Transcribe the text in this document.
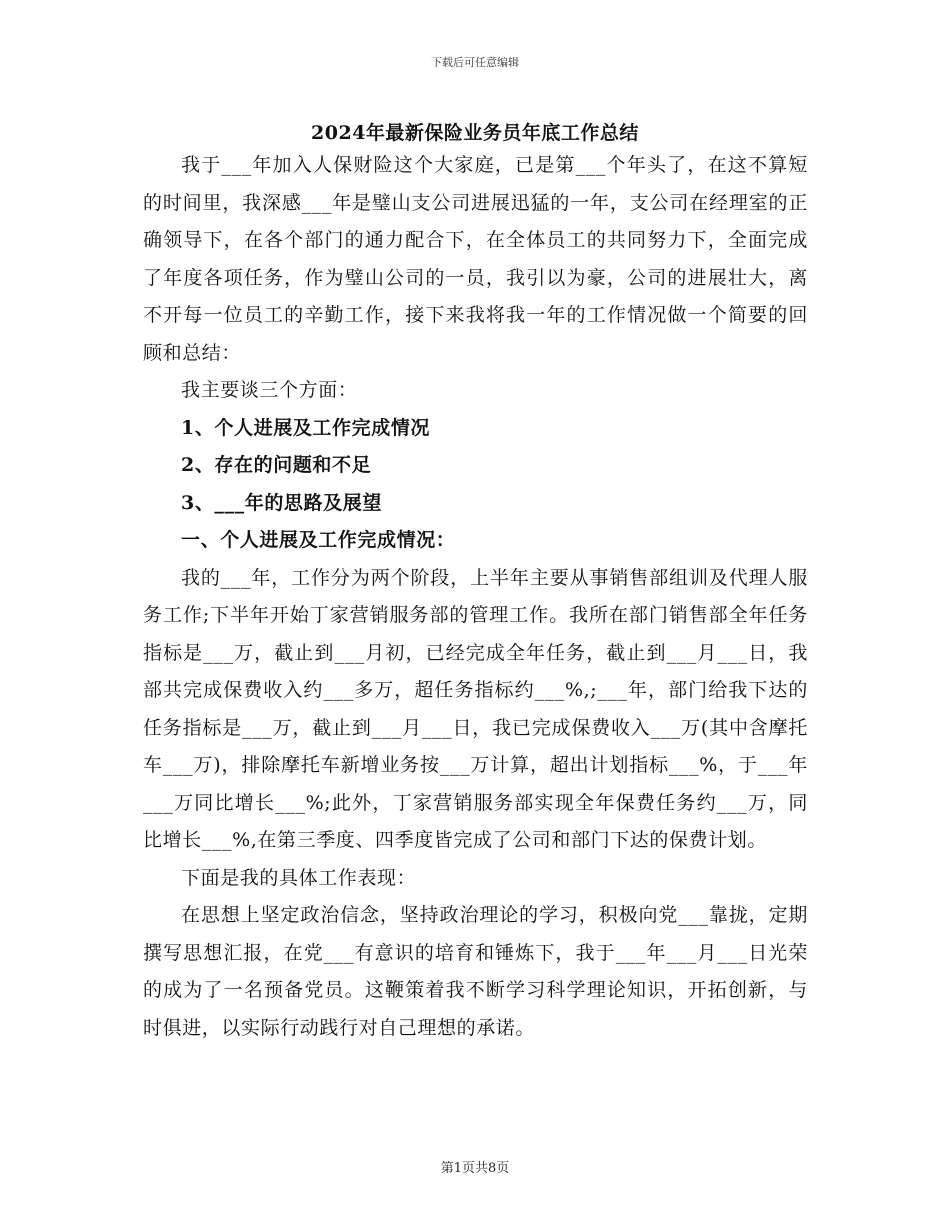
下载后可任意编辑
2024年最新保险业务员年底工作总结

我于___年加入人保财险这个大家庭，已是第___个年头了，在这不算短的时间里，我深感___年是璧山支公司进展迅猛的一年，支公司在经理室的正确领导下，在各个部门的通力配合下，在全体员工的共同努力下，全面完成了年度各项任务，作为璧山公司的一员，我引以为豪，公司的进展壮大，离不开每一位员工的辛勤工作，接下来我将我一年的工作情况做一个简要的回顾和总结：

我主要谈三个方面：

1、个人进展及工作完成情况

2、存在的问题和不足

3、___年的思路及展望

一、个人进展及工作完成情况：

我的___年，工作分为两个阶段，上半年主要从事销售部组训及代理人服务工作;下半年开始丁家营销服务部的管理工作。我所在部门销售部全年任务指标是___万，截止到___月初，已经完成全年任务，截止到___月___日，我部共完成保费收入约___多万，超任务指标约___%,;___年，部门给我下达的任务指标是___万，截止到___月___日，我已完成保费收入___万(其中含摩托车___万)，排除摩托车新增业务按___万计算，超出计划指标___%，于___年___万同比增长___%;此外，丁家营销服务部实现全年保费任务约___万，同比增长___%,在第三季度、四季度皆完成了公司和部门下达的保费计划。

下面是我的具体工作表现：

在思想上坚定政治信念，坚持政治理论的学习，积极向党___靠拢，定期撰写思想汇报，在党___有意识的培育和锤炼下，我于___年___月___日光荣的成为了一名预备党员。这鞭策着我不断学习科学理论知识，开拓创新，与时俱进，以实际行动践行对自己理想的承诺。

第1页共8页
